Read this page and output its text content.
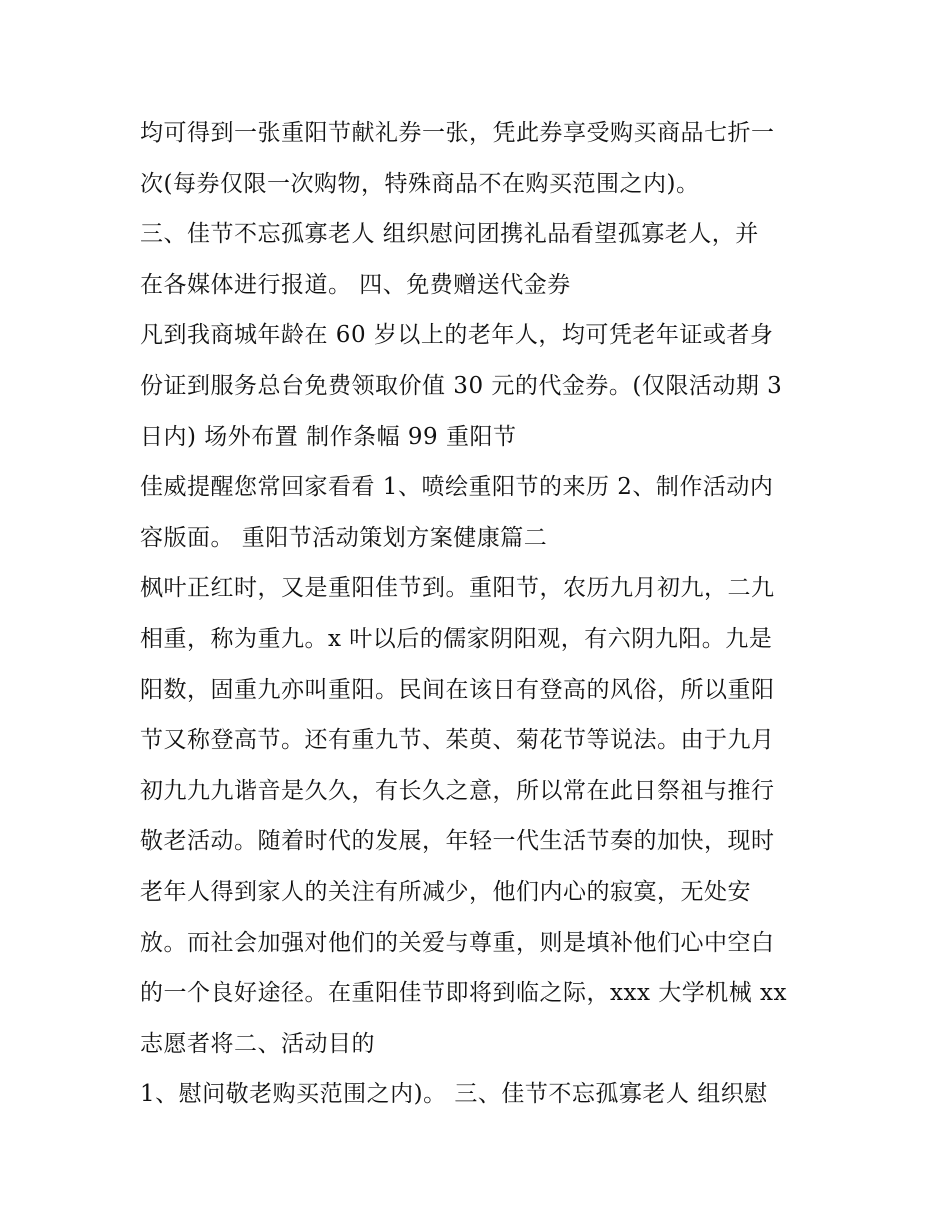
均可得到一张重阳节献礼券一张，凭此券享受购买商品七折一
次(每券仅限一次购物，特殊商品不在购买范围之内)。
三、佳节不忘孤寡老人 组织慰问团携礼品看望孤寡老人，并
在各媒体进行报道。 四、免费赠送代金券
凡到我商城年龄在 60 岁以上的老年人，均可凭老年证或者身
份证到服务总台免费领取价值 30 元的代金券。(仅限活动期 3
日内) 场外布置 制作条幅 99 重阳节
佳威提醒您常回家看看 1、喷绘重阳节的来历 2、制作活动内
容版面。 重阳节活动策划方案健康篇二
枫叶正红时，又是重阳佳节到。重阳节，农历九月初九，二九
相重，称为重九。x 叶以后的儒家阴阳观，有六阴九阳。九是
阳数，固重九亦叫重阳。民间在该日有登高的风俗，所以重阳
节又称登高节。还有重九节、茱萸、菊花节等说法。由于九月
初九九九谐音是久久，有长久之意，所以常在此日祭祖与推行
敬老活动。随着时代的发展，年轻一代生活节奏的加快，现时
老年人得到家人的关注有所减少，他们内心的寂寞，无处安
放。而社会加强对他们的关爱与尊重，则是填补他们心中空白
的一个良好途径。在重阳佳节即将到临之际，xxx 大学机械 xx
志愿者将二、活动目的
1、慰问敬老购买范围之内)。 三、佳节不忘孤寡老人 组织慰
